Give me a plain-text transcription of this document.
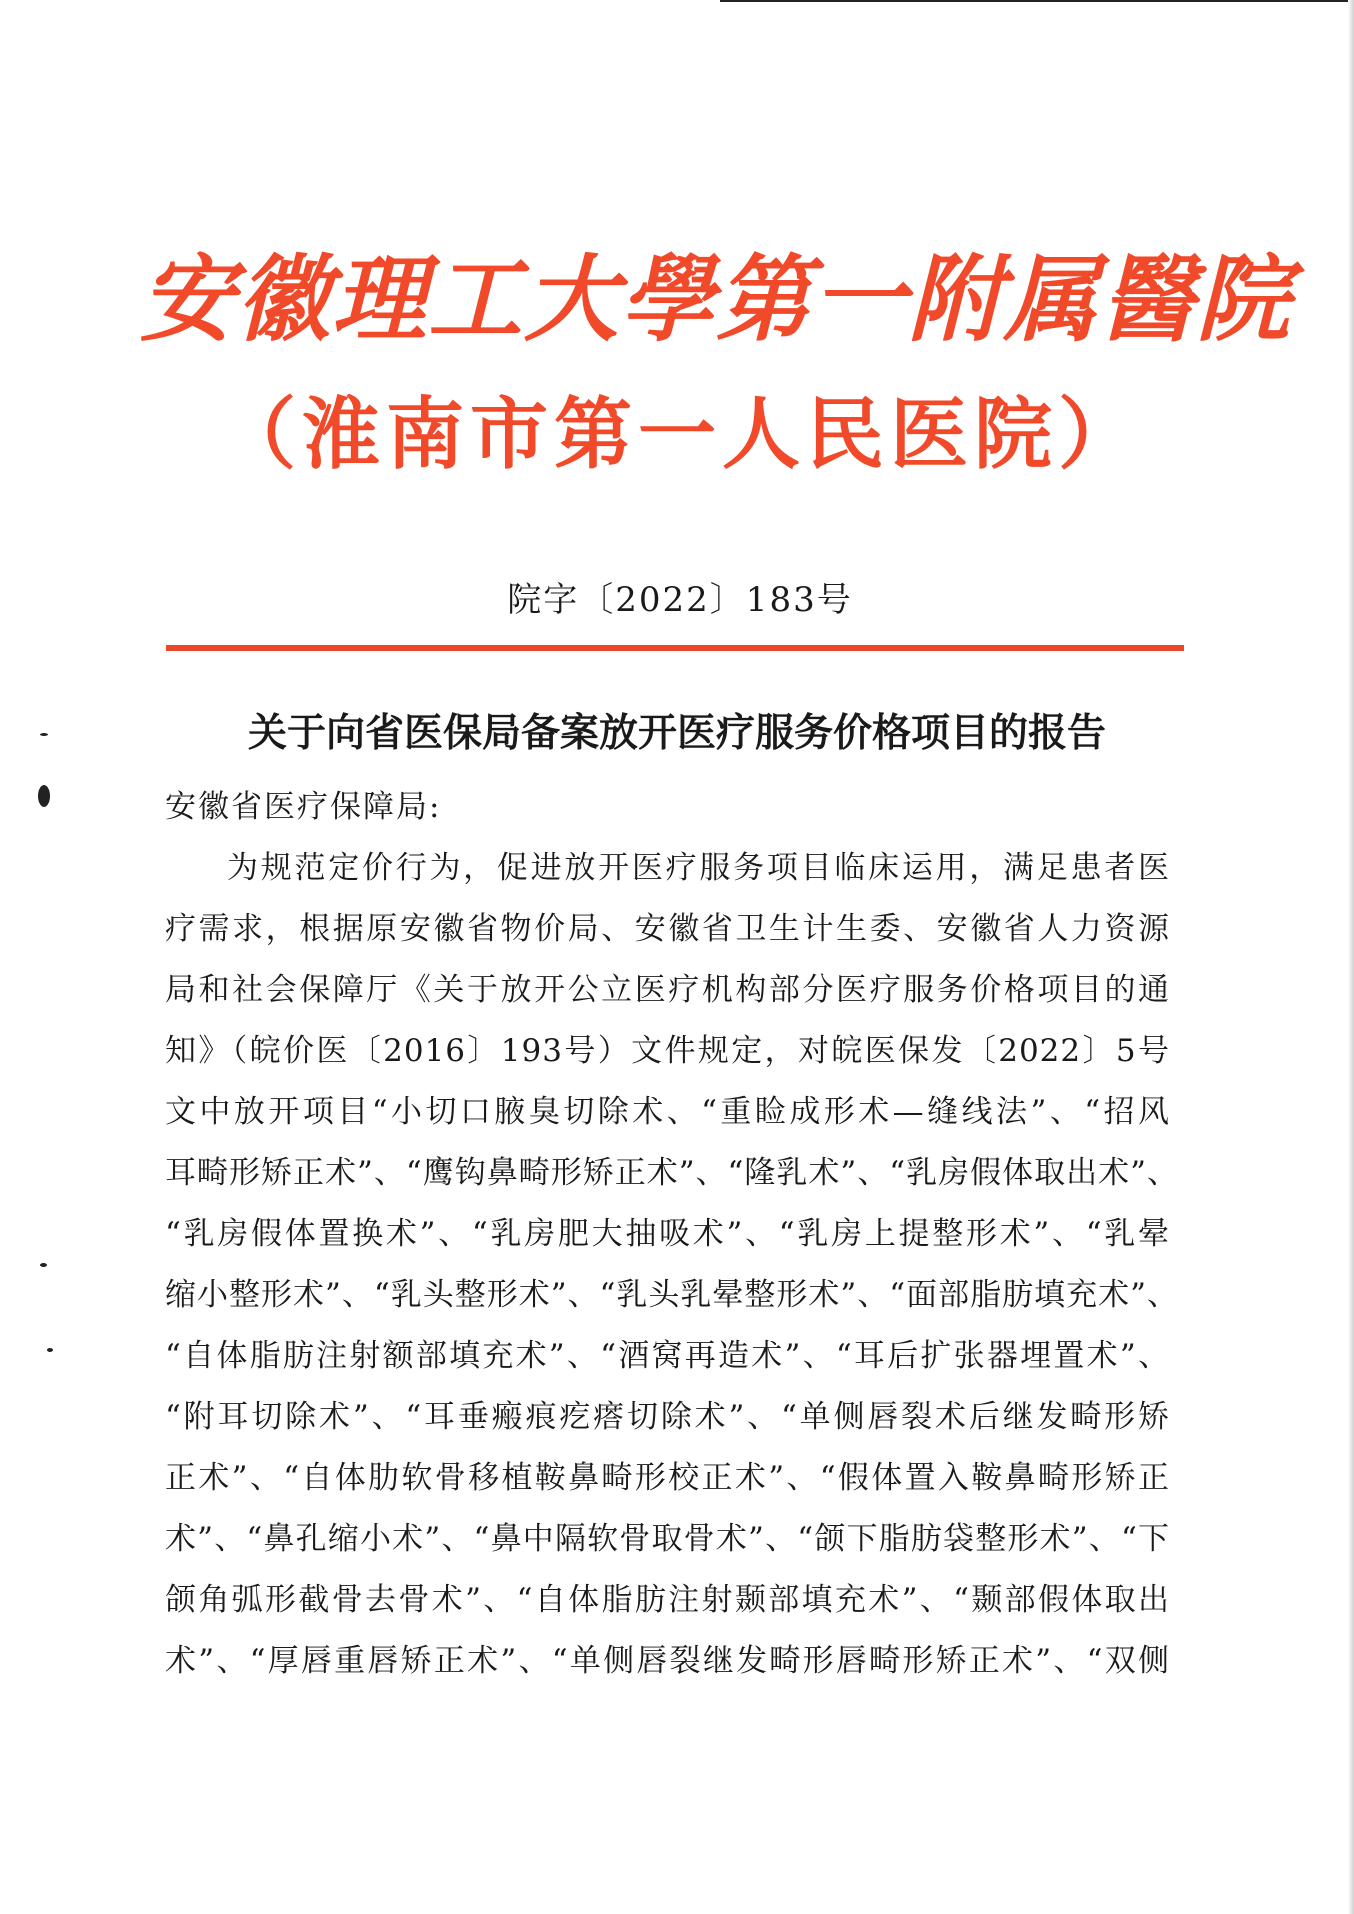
安徽理工大學第一附属醫院
（淮南市第一人民医院）
院字〔2022〕183号
关于向省医保局备案放开医疗服务价格项目的报告
安徽省医疗保障局:
为规范定价行为，促进放开医疗服务项目临床运用，满足患者医
疗需求，根据原安徽省物价局、安徽省卫生计生委、安徽省人力资源
局和社会保障厅《关于放开公立医疗机构部分医疗服务价格项目的通
知》（皖价医〔2016〕193号）文件规定，对皖医保发〔2022〕5号
文中放开项目“小切口腋臭切除术、“重睑成形术—缝线法”、“招风
耳畸形矫正术”、“鹰钩鼻畸形矫正术”、“隆乳术”、“乳房假体取出术”、
“乳房假体置换术”、“乳房肥大抽吸术”、“乳房上提整形术”、“乳晕
缩小整形术”、“乳头整形术”、“乳头乳晕整形术”、“面部脂肪填充术”、
“自体脂肪注射额部填充术”、“酒窝再造术”、“耳后扩张器埋置术”、
“附耳切除术”、“耳垂瘢痕疙瘩切除术”、“单侧唇裂术后继发畸形矫
正术”、“自体肋软骨移植鞍鼻畸形校正术”、“假体置入鞍鼻畸形矫正
术”、“鼻孔缩小术”、“鼻中隔软骨取骨术”、“颌下脂肪袋整形术”、“下
颌角弧形截骨去骨术”、“自体脂肪注射颞部填充术”、“颞部假体取出
术”、“厚唇重唇矫正术”、“单侧唇裂继发畸形唇畸形矫正术”、“双侧
